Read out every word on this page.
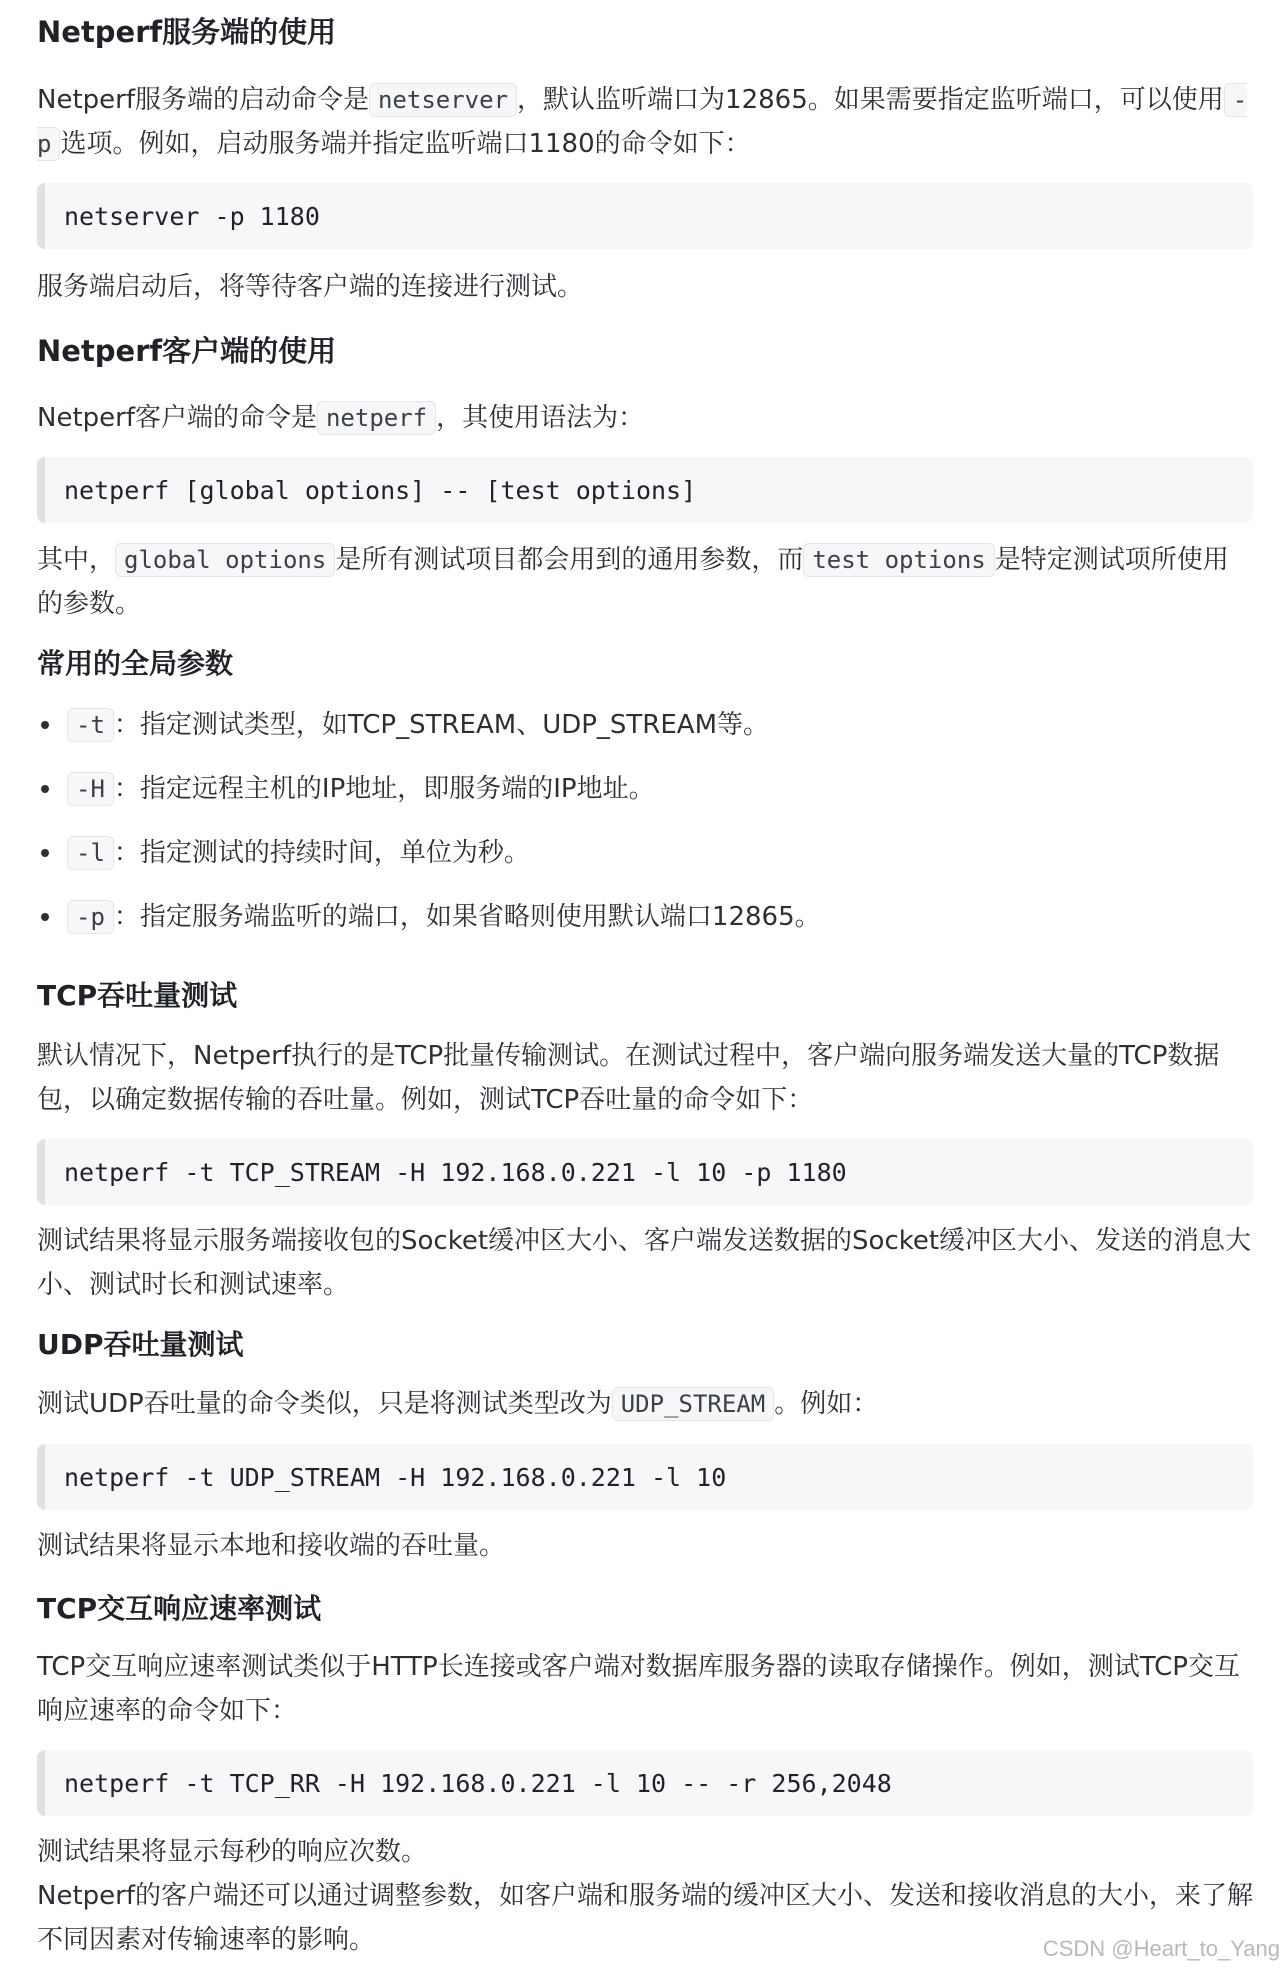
Netperf服务端的使用

Netperf服务端的启动命令是 netserver ，默认监听端口为12865。如果需要指定监听端口，可以使用 -p 选项。例如，启动服务端并指定监听端口1180的命令如下：

netserver -p 1180

服务端启动后，将等待客户端的连接进行测试。

Netperf客户端的使用

Netperf客户端的命令是 netperf ，其使用语法为：

netperf [global options] -- [test options]

其中， global options 是所有测试项目都会用到的通用参数，而 test options 是特定测试项所使用的参数。

常用的全局参数
-t ：指定测试类型，如TCP_STREAM、UDP_STREAM等。
-H ：指定远程主机的IP地址，即服务端的IP地址。
-l ：指定测试的持续时间，单位为秒。
-p ：指定服务端监听的端口，如果省略则使用默认端口12865。
TCP吞吐量测试

默认情况下，Netperf执行的是TCP批量传输测试。在测试过程中，客户端向服务端发送大量的TCP数据包，以确定数据传输的吞吐量。例如，测试TCP吞吐量的命令如下：

netperf -t TCP_STREAM -H 192.168.0.221 -l 10 -p 1180

测试结果将显示服务端接收包的Socket缓冲区大小、客户端发送数据的Socket缓冲区大小、发送的消息大小、测试时长和测试速率。

UDP吞吐量测试

测试UDP吞吐量的命令类似，只是将测试类型改为 UDP_STREAM 。例如：

netperf -t UDP_STREAM -H 192.168.0.221 -l 10

测试结果将显示本地和接收端的吞吐量。

TCP交互响应速率测试

TCP交互响应速率测试类似于HTTP长连接或客户端对数据库服务器的读取存储操作。例如，测试TCP交互响应速率的命令如下：

netperf -t TCP_RR -H 192.168.0.221 -l 10 -- -r 256,2048

测试结果将显示每秒的响应次数。

Netperf的客户端还可以通过调整参数，如客户端和服务端的缓冲区大小、发送和接收消息的大小，来了解不同因素对传输速率的影响。	CSDN @Heart_to_Yang
